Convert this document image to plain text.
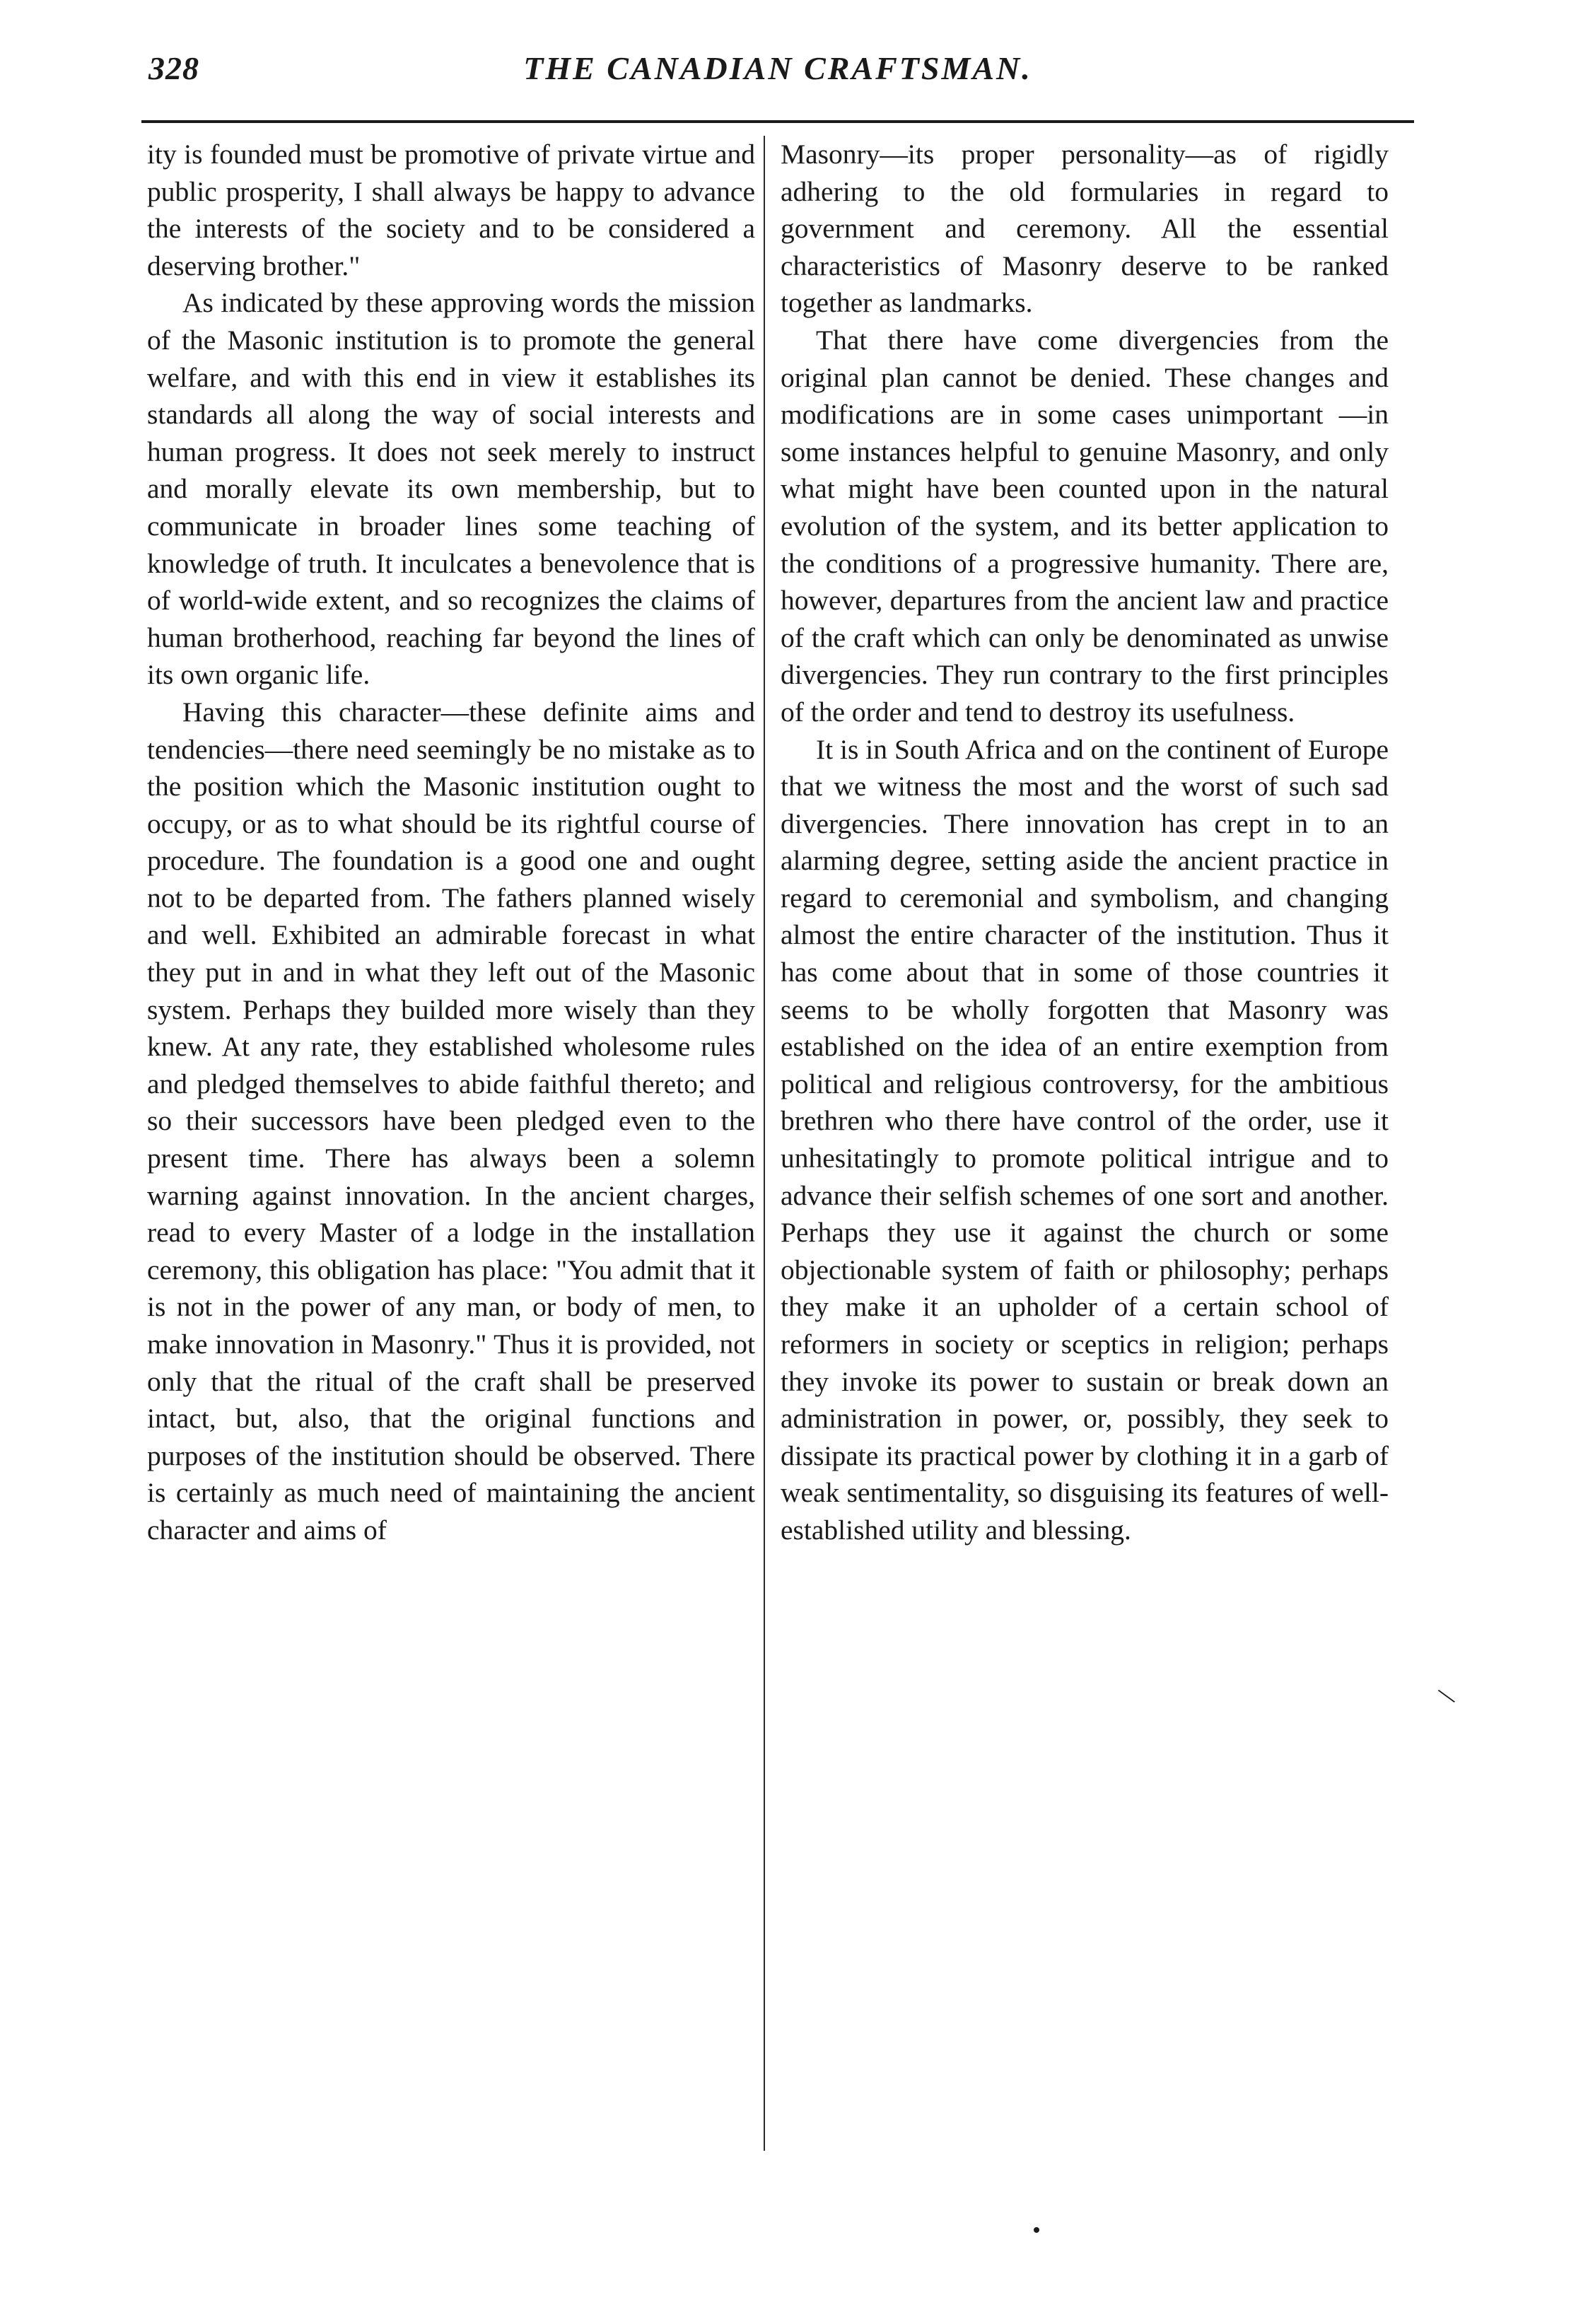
328	THE CANADIAN CRAFTSMAN.

ity is founded must be promotive of private virtue and public prosperity, I shall always be happy to advance the interests of the society and to be considered a deserving brother."

As indicated by these approving words the mission of the Masonic institution is to promote the general welfare, and with this end in view it establishes its standards all along the way of social interests and human progress. It does not seek merely to instruct and morally elevate its own membership, but to communicate in broader lines some teaching of knowledge of truth. It inculcates a benevolence that is of world-wide extent, and so recognizes the claims of human brotherhood, reaching far beyond the lines of its own organic life.

Having this character—these definite aims and tendencies—there need seemingly be no mistake as to the position which the Masonic institution ought to occupy, or as to what should be its rightful course of procedure. The foundation is a good one and ought not to be departed from. The fathers planned wisely and well. Exhibited an admirable forecast in what they put in and in what they left out of the Masonic system. Perhaps they builded more wisely than they knew. At any rate, they established wholesome rules and pledged themselves to abide faithful thereto; and so their successors have been pledged even to the present time. There has always been a solemn warning against innovation. In the ancient charges, read to every Master of a lodge in the installation ceremony, this obligation has place: "You admit that it is not in the power of any man, or body of men, to make innovation in Masonry." Thus it is provided, not only that the ritual of the craft shall be preserved intact, but, also, that the original functions and purposes of the institution should be observed. There is certainly as much need of maintaining the ancient character and aims of

Masonry—its proper personality—as of rigidly adhering to the old formularies in regard to government and ceremony. All the essential characteristics of Masonry deserve to be ranked together as landmarks.

That there have come divergencies from the original plan cannot be denied. These changes and modifications are in some cases unimportant —in some instances helpful to genuine Masonry, and only what might have been counted upon in the natural evolution of the system, and its better application to the conditions of a progressive humanity. There are, however, departures from the ancient law and practice of the craft which can only be denominated as unwise divergencies. They run contrary to the first principles of the order and tend to destroy its usefulness.

It is in South Africa and on the continent of Europe that we witness the most and the worst of such sad divergencies. There innovation has crept in to an alarming degree, setting aside the ancient practice in regard to ceremonial and symbolism, and changing almost the entire character of the institution. Thus it has come about that in some of those countries it seems to be wholly forgotten that Masonry was established on the idea of an entire exemption from political and religious controversy, for the ambitious brethren who there have control of the order, use it unhesitatingly to promote political intrigue and to advance their selfish schemes of one sort and another. Perhaps they use it against the church or some objectionable system of faith or philosophy; perhaps they make it an upholder of a certain school of reformers in society or sceptics in religion; perhaps they invoke its power to sustain or break down an administration in power, or, possibly, they seek to dissipate its practical power by clothing it in a garb of weak sentimentality, so disguising its features of well-established utility and blessing.

\
